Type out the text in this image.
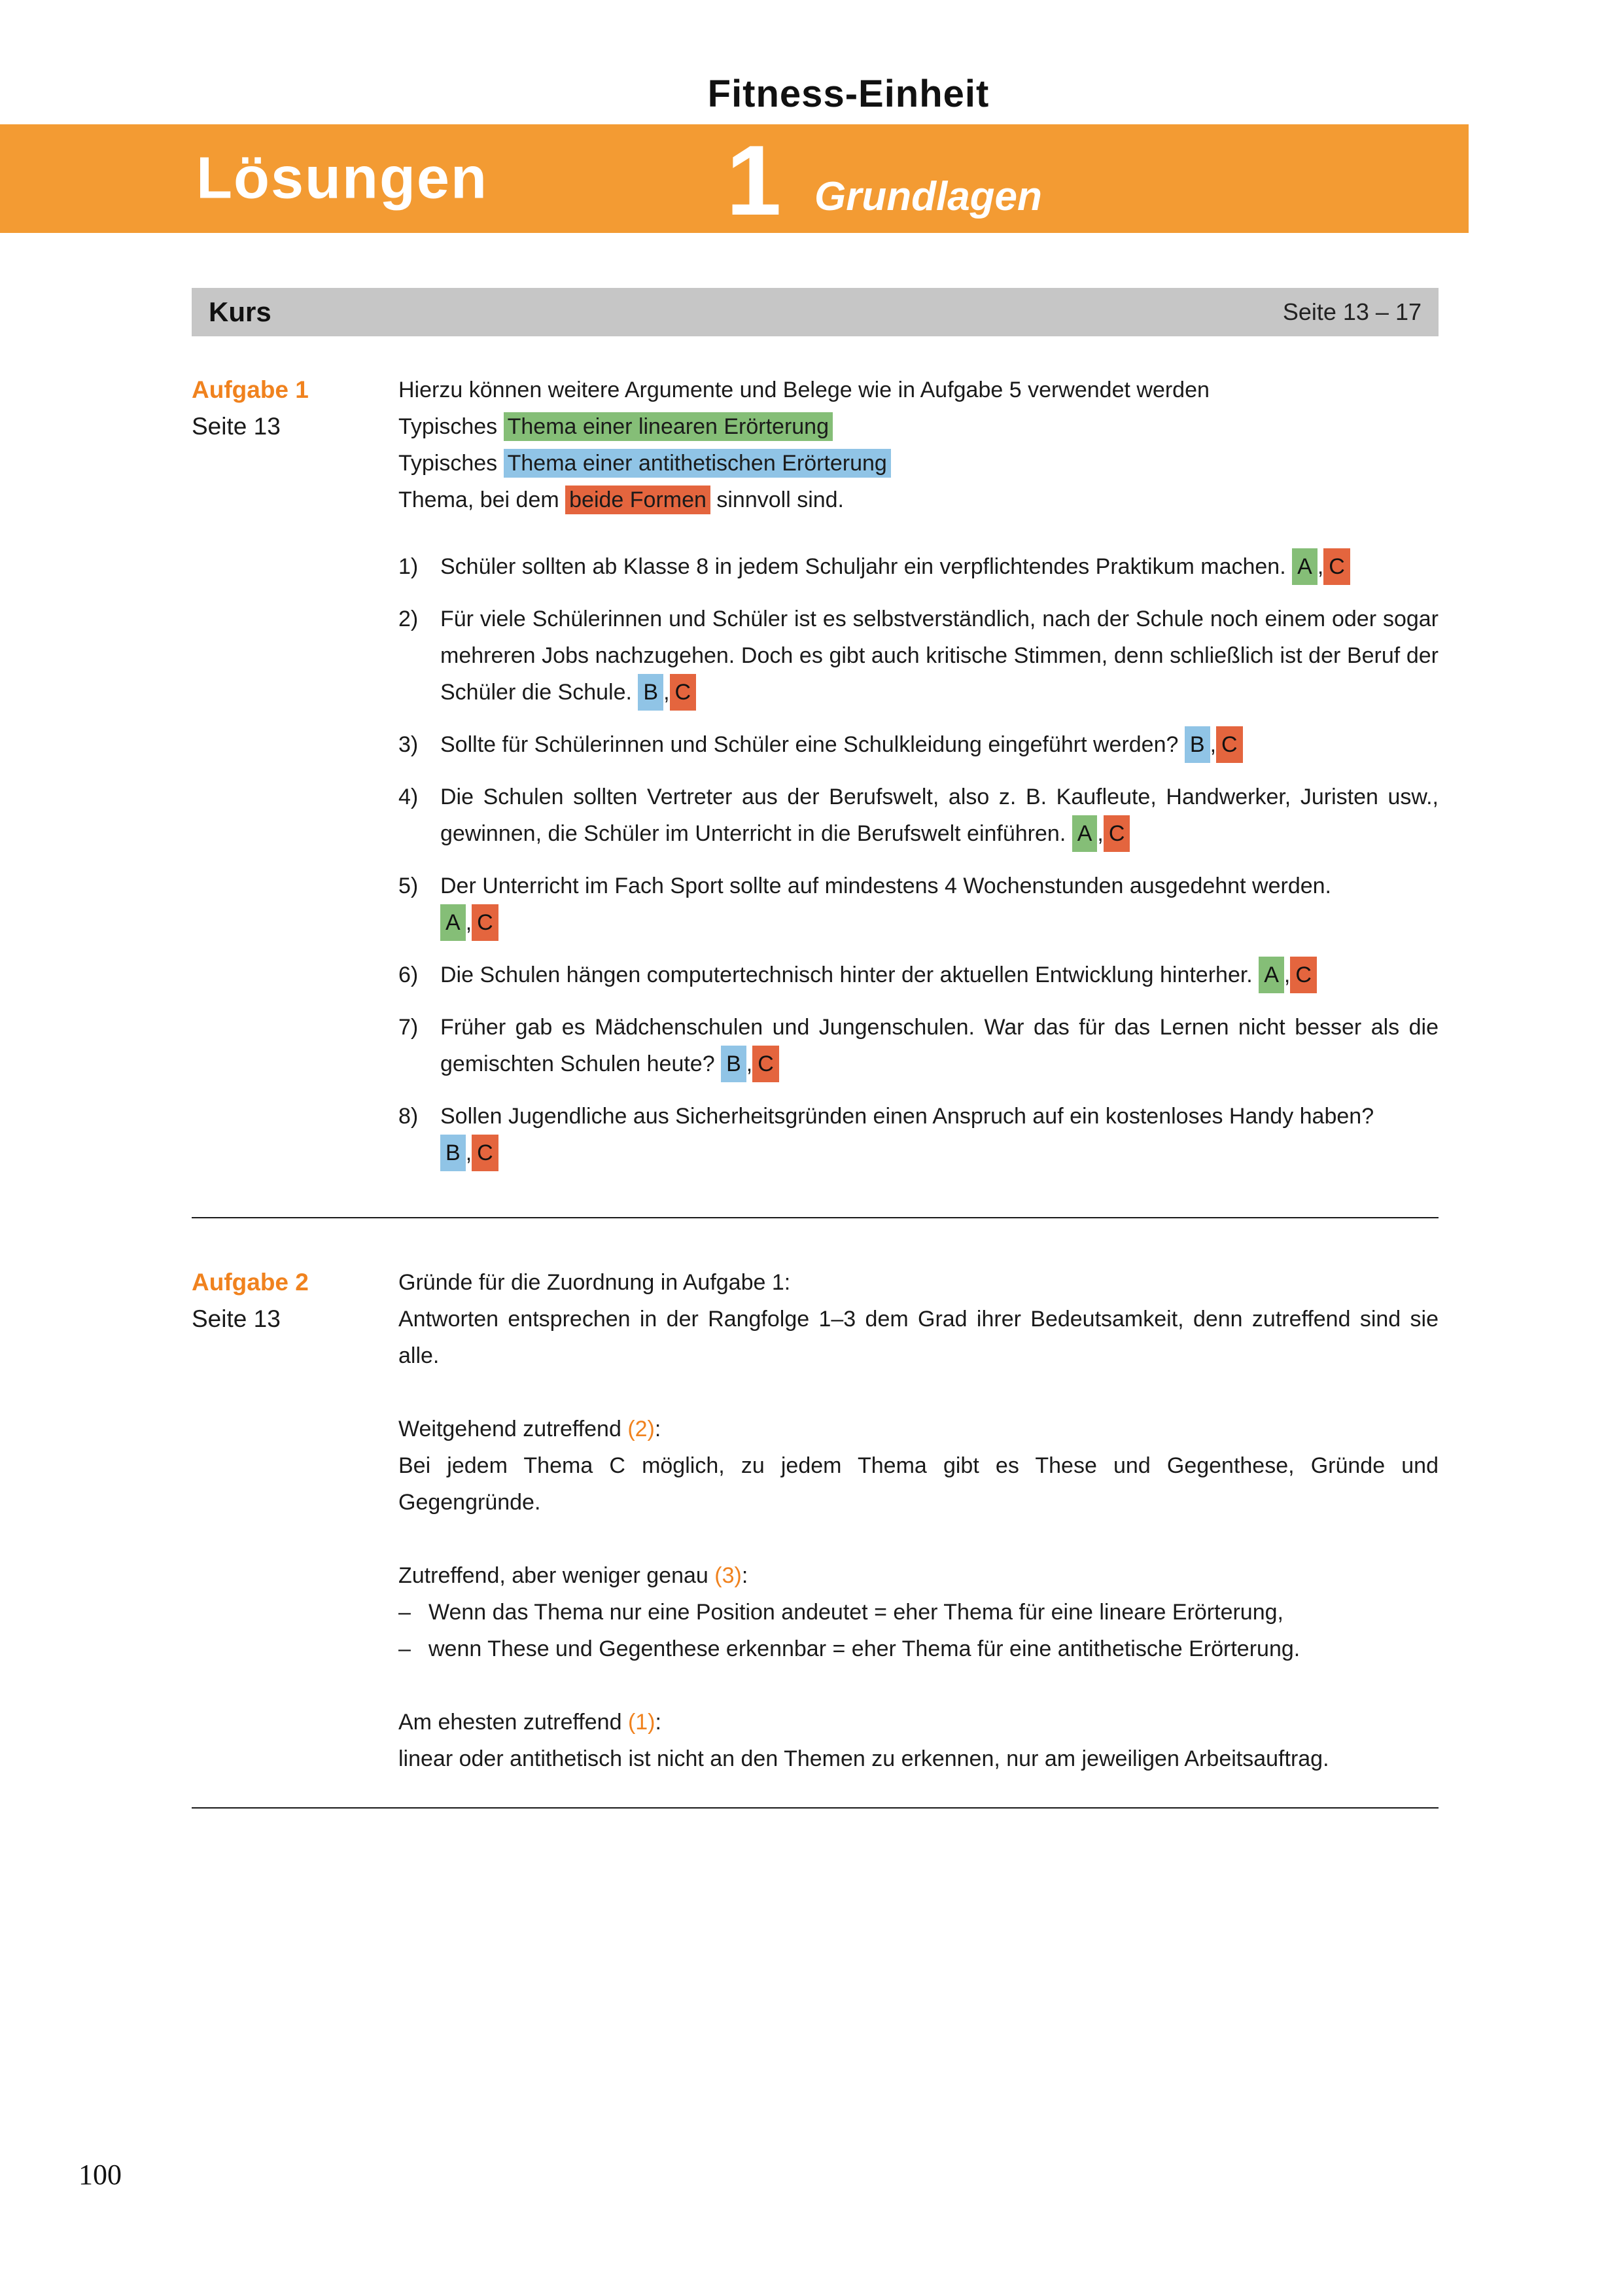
Fitness-Einheit
Lösungen 1 Grundlagen
Kurs	Seite 13 – 17
Aufgabe 1
Seite 13

Hierzu können weitere Argumente und Belege wie in Aufgabe 5 verwendet werden

Typisches Thema einer linearen Erörterung

Typisches Thema einer antithetischen Erörterung

Thema, bei dem beide Formen sinnvoll sind.

1) Schüler sollten ab Klasse 8 in jedem Schuljahr ein verpflichtendes Praktikum machen. A , C

2) Für viele Schülerinnen und Schüler ist es selbstverständlich, nach der Schule noch einem oder sogar mehreren Jobs nachzugehen. Doch es gibt auch kritische Stimmen, denn schließlich ist der Beruf der Schüler die Schule. B , C

3) Sollte für Schülerinnen und Schüler eine Schulkleidung eingeführt werden? B , C

4) Die Schulen sollten Vertreter aus der Berufswelt, also z. B. Kaufleute, Handwerker, Juristen usw., gewinnen, die Schüler im Unterricht in die Berufswelt einführen. A , C

5) Der Unterricht im Fach Sport sollte auf mindestens 4 Wochenstunden ausgedehnt werden.

A , C
6) Die Schulen hängen computertechnisch hinter der aktuellen Entwicklung hinterher. A , C

7) Früher gab es Mädchenschulen und Jungenschulen. War das für das Lernen nicht besser als die gemischten Schulen heute? B , C

8) Sollen Jugendliche aus Sicherheitsgründen einen Anspruch auf ein kostenloses Handy haben?

B , C
Aufgabe 2
Seite 13

Gründe für die Zuordnung in Aufgabe 1:

Antworten entsprechen in der Rangfolge 1–3 dem Grad ihrer Bedeutsamkeit, denn zutreffend sind sie alle.

Weitgehend zutreffend (2):

Bei jedem Thema C möglich, zu jedem Thema gibt es These und Gegenthese, Gründe und Gegengründe.

Zutreffend, aber weniger genau (3):

– Wenn das Thema nur eine Position andeutet = eher Thema für eine lineare Erörterung,
– wenn These und Gegenthese erkennbar = eher Thema für eine antithetische Erörterung.

Am ehesten zutreffend (1):

linear oder antithetisch ist nicht an den Themen zu erkennen, nur am jeweiligen Arbeitsauftrag.

100
